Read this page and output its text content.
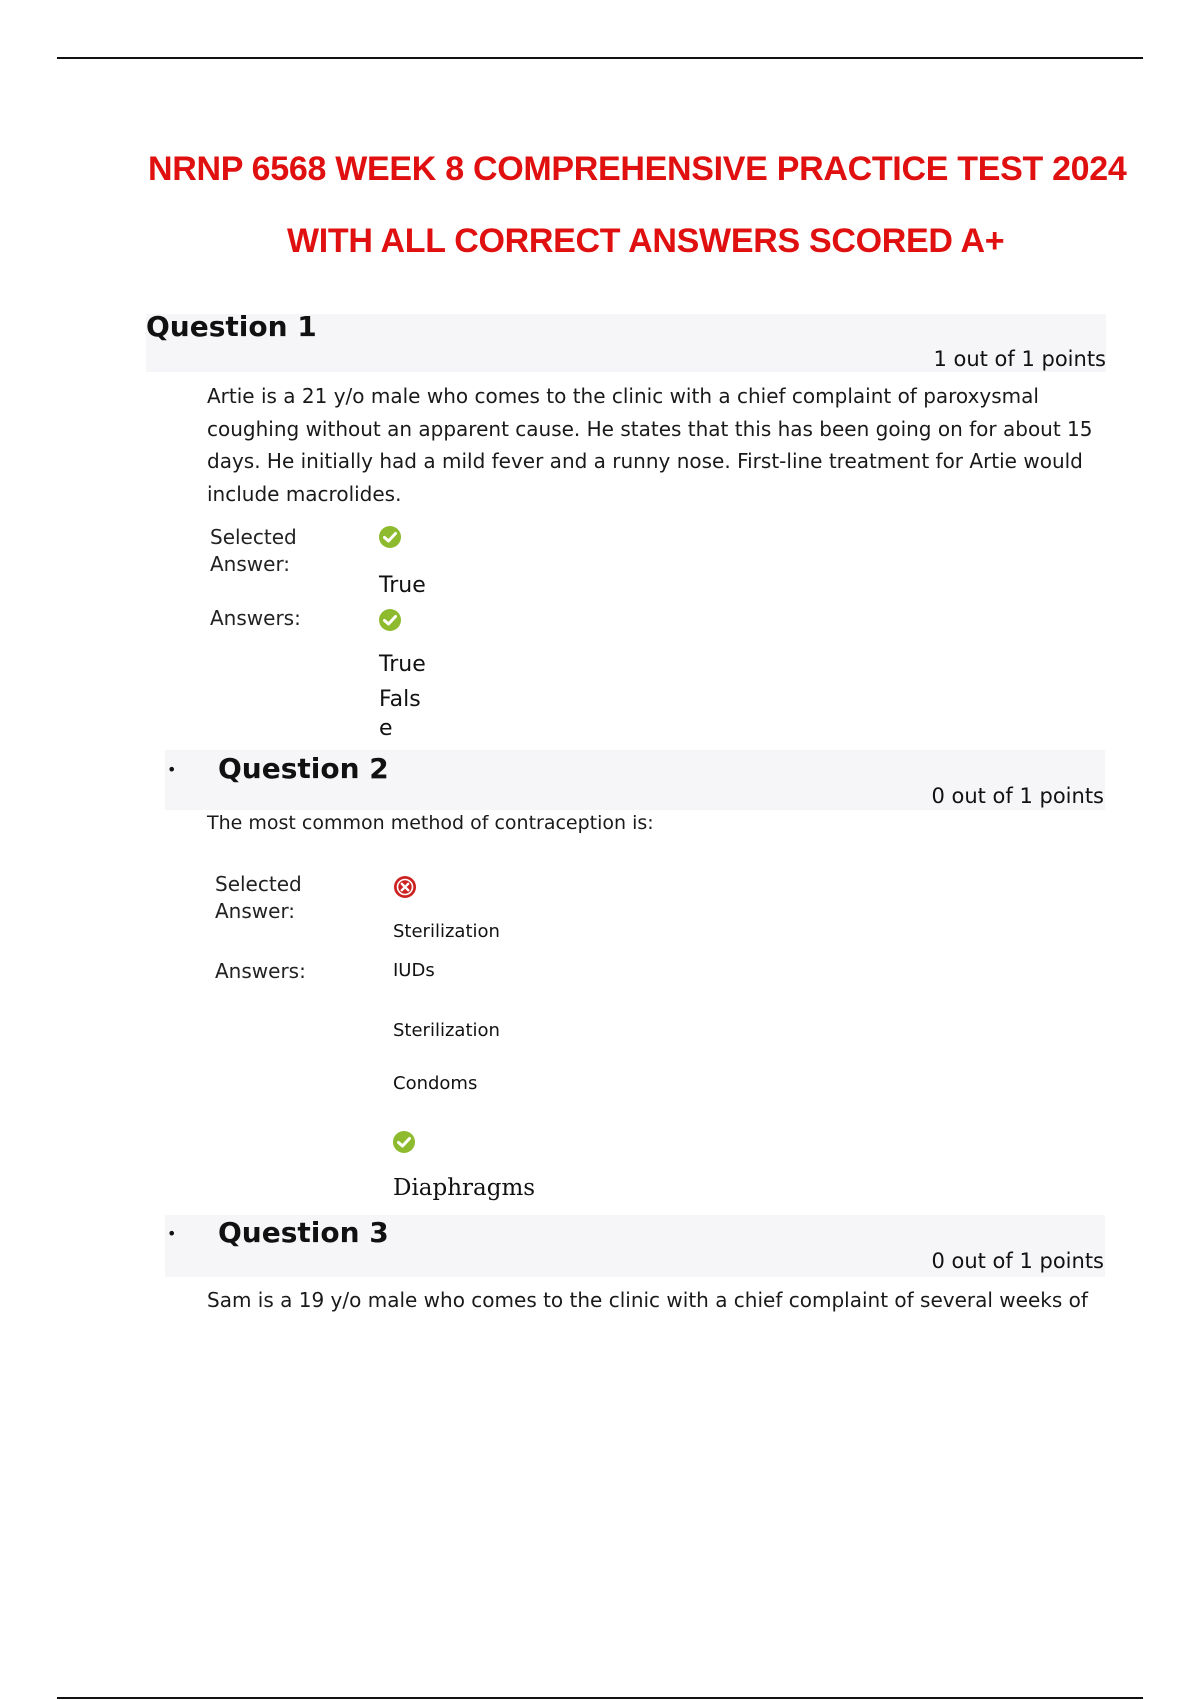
NRNP 6568 WEEK 8 COMPREHENSIVE PRACTICE TEST 2024
WITH ALL CORRECT ANSWERS SCORED A+
Question 1
1 out of 1 points
Artie is a 21 y/o male who comes to the clinic with a chief complaint of paroxysmal coughing without an apparent cause. He states that this has been going on for about 15 days. He initially had a mild fever and a runny nose. First-line treatment for Artie would include macrolides.
Selected Answer:
True
Answers:
True
Fals
e
• Question 2
0 out of 1 points
The most common method of contraception is:
Selected Answer:
Sterilization
Answers:	IUDs
Sterilization
Condoms
Diaphragms
• Question 3
0 out of 1 points
Sam is a 19 y/o male who comes to the clinic with a chief complaint of several weeks of
